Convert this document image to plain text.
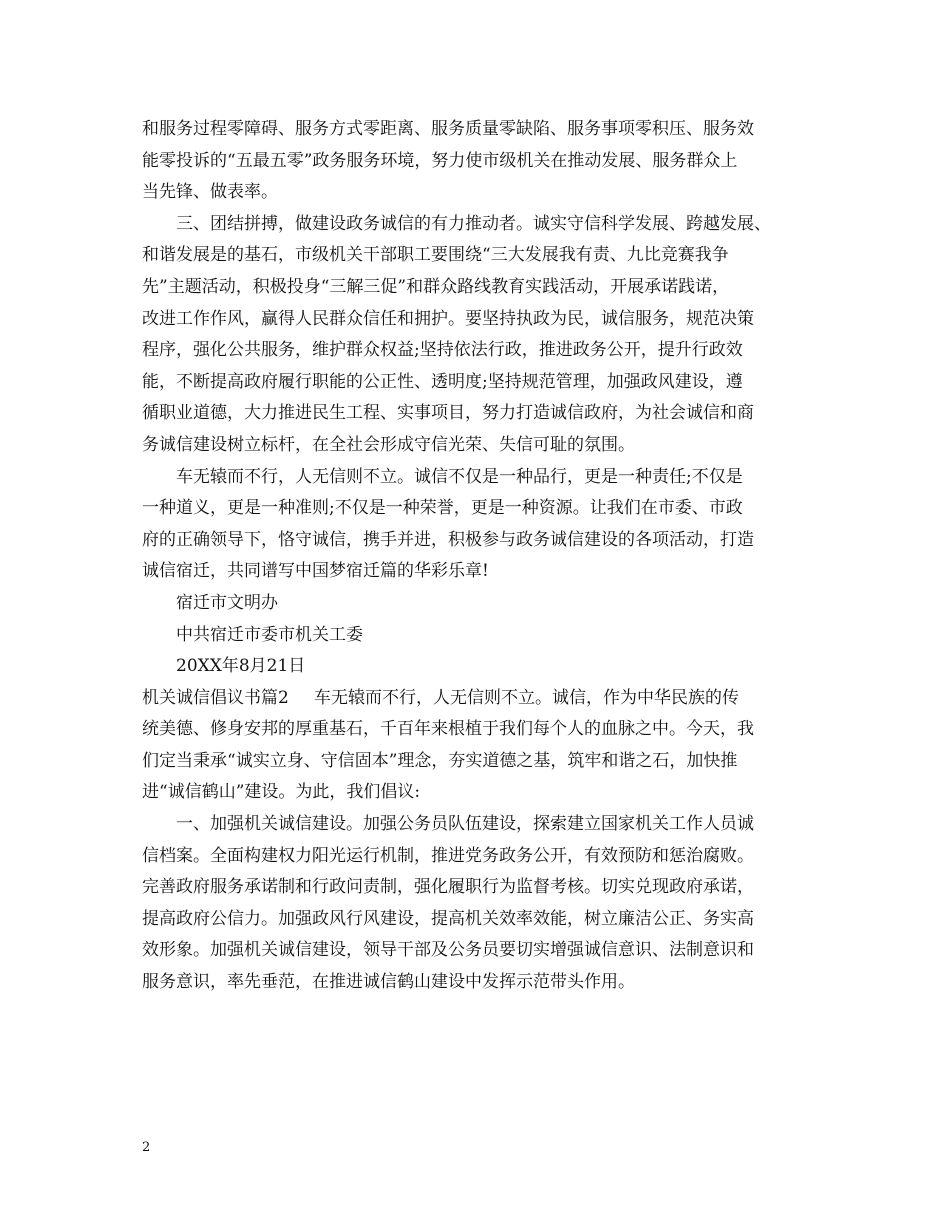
和服务过程零障碍、服务方式零距离、服务质量零缺陷、服务事项零积压、服务效
能零投诉的“五最五零”政务服务环境，努力使市级机关在推动发展、服务群众上
当先锋、做表率。
三、团结拼搏，做建设政务诚信的有力推动者。诚实守信科学发展、跨越发展、
和谐发展是的基石，市级机关干部职工要围绕“三大发展我有责、九比竞赛我争
先”主题活动，积极投身“三解三促”和群众路线教育实践活动，开展承诺践诺，
改进工作作风，赢得人民群众信任和拥护。要坚持执政为民，诚信服务，规范决策
程序，强化公共服务，维护群众权益;坚持依法行政，推进政务公开，提升行政效
能，不断提高政府履行职能的公正性、透明度;坚持规范管理，加强政风建设，遵
循职业道德，大力推进民生工程、实事项目，努力打造诚信政府，为社会诚信和商
务诚信建设树立标杆，在全社会形成守信光荣、失信可耻的氛围。
车无辕而不行，人无信则不立。诚信不仅是一种品行，更是一种责任;不仅是
一种道义，更是一种准则;不仅是一种荣誉，更是一种资源。让我们在市委、市政
府的正确领导下，恪守诚信，携手并进，积极参与政务诚信建设的各项活动，打造
诚信宿迁，共同谱写中国梦宿迁篇的华彩乐章!
宿迁市文明办
中共宿迁市委市机关工委
20XX年8月21日
机关诚信倡议书篇2 车无辕而不行，人无信则不立。诚信，作为中华民族的传
统美德、修身安邦的厚重基石，千百年来根植于我们每个人的血脉之中。今天，我
们定当秉承“诚实立身、守信固本”理念，夯实道德之基，筑牢和谐之石，加快推
进“诚信鹤山”建设。为此，我们倡议:
一、加强机关诚信建设。加强公务员队伍建设，探索建立国家机关工作人员诚
信档案。全面构建权力阳光运行机制，推进党务政务公开，有效预防和惩治腐败。
完善政府服务承诺制和行政问责制，强化履职行为监督考核。切实兑现政府承诺，
提高政府公信力。加强政风行风建设，提高机关效率效能，树立廉洁公正、务实高
效形象。加强机关诚信建设，领导干部及公务员要切实增强诚信意识、法制意识和
服务意识，率先垂范，在推进诚信鹤山建设中发挥示范带头作用。
2
